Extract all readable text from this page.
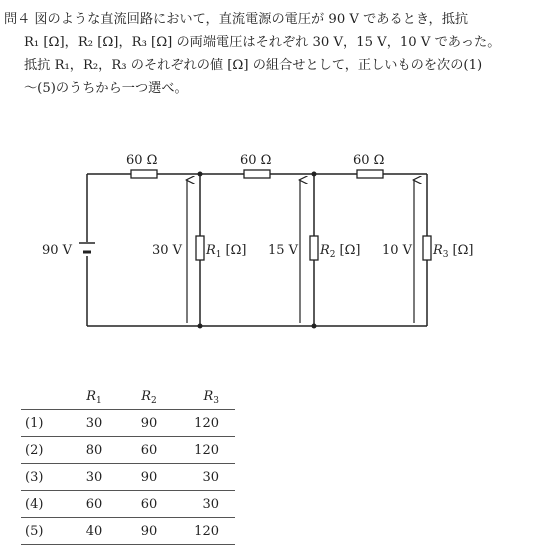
問４ 図のような直流回路において，直流電源の電圧が 90 V であるとき，抵抗
R₁ [Ω]，R₂ [Ω]，R₃ [Ω] の両端電圧はそれぞれ 30 V，15 V，10 V であった。
抵抗 R₁，R₂，R₃ のそれぞれの値 [Ω] の組合せとして，正しいものを次の(1)
～(5)のうちから一つ選べ。
60 Ω	60 Ω	60 Ω
90 V	30 V	15 V	10 V
$R_1$ [Ω]	$R_2$ [Ω]	$R_3$ [Ω]
	$R_1$	$R_2$	$R_3$
(1)	30	90	120
(2)	80	60	120
(3)	30	90	30
(4)	60	60	30
(5)	40	90	120
